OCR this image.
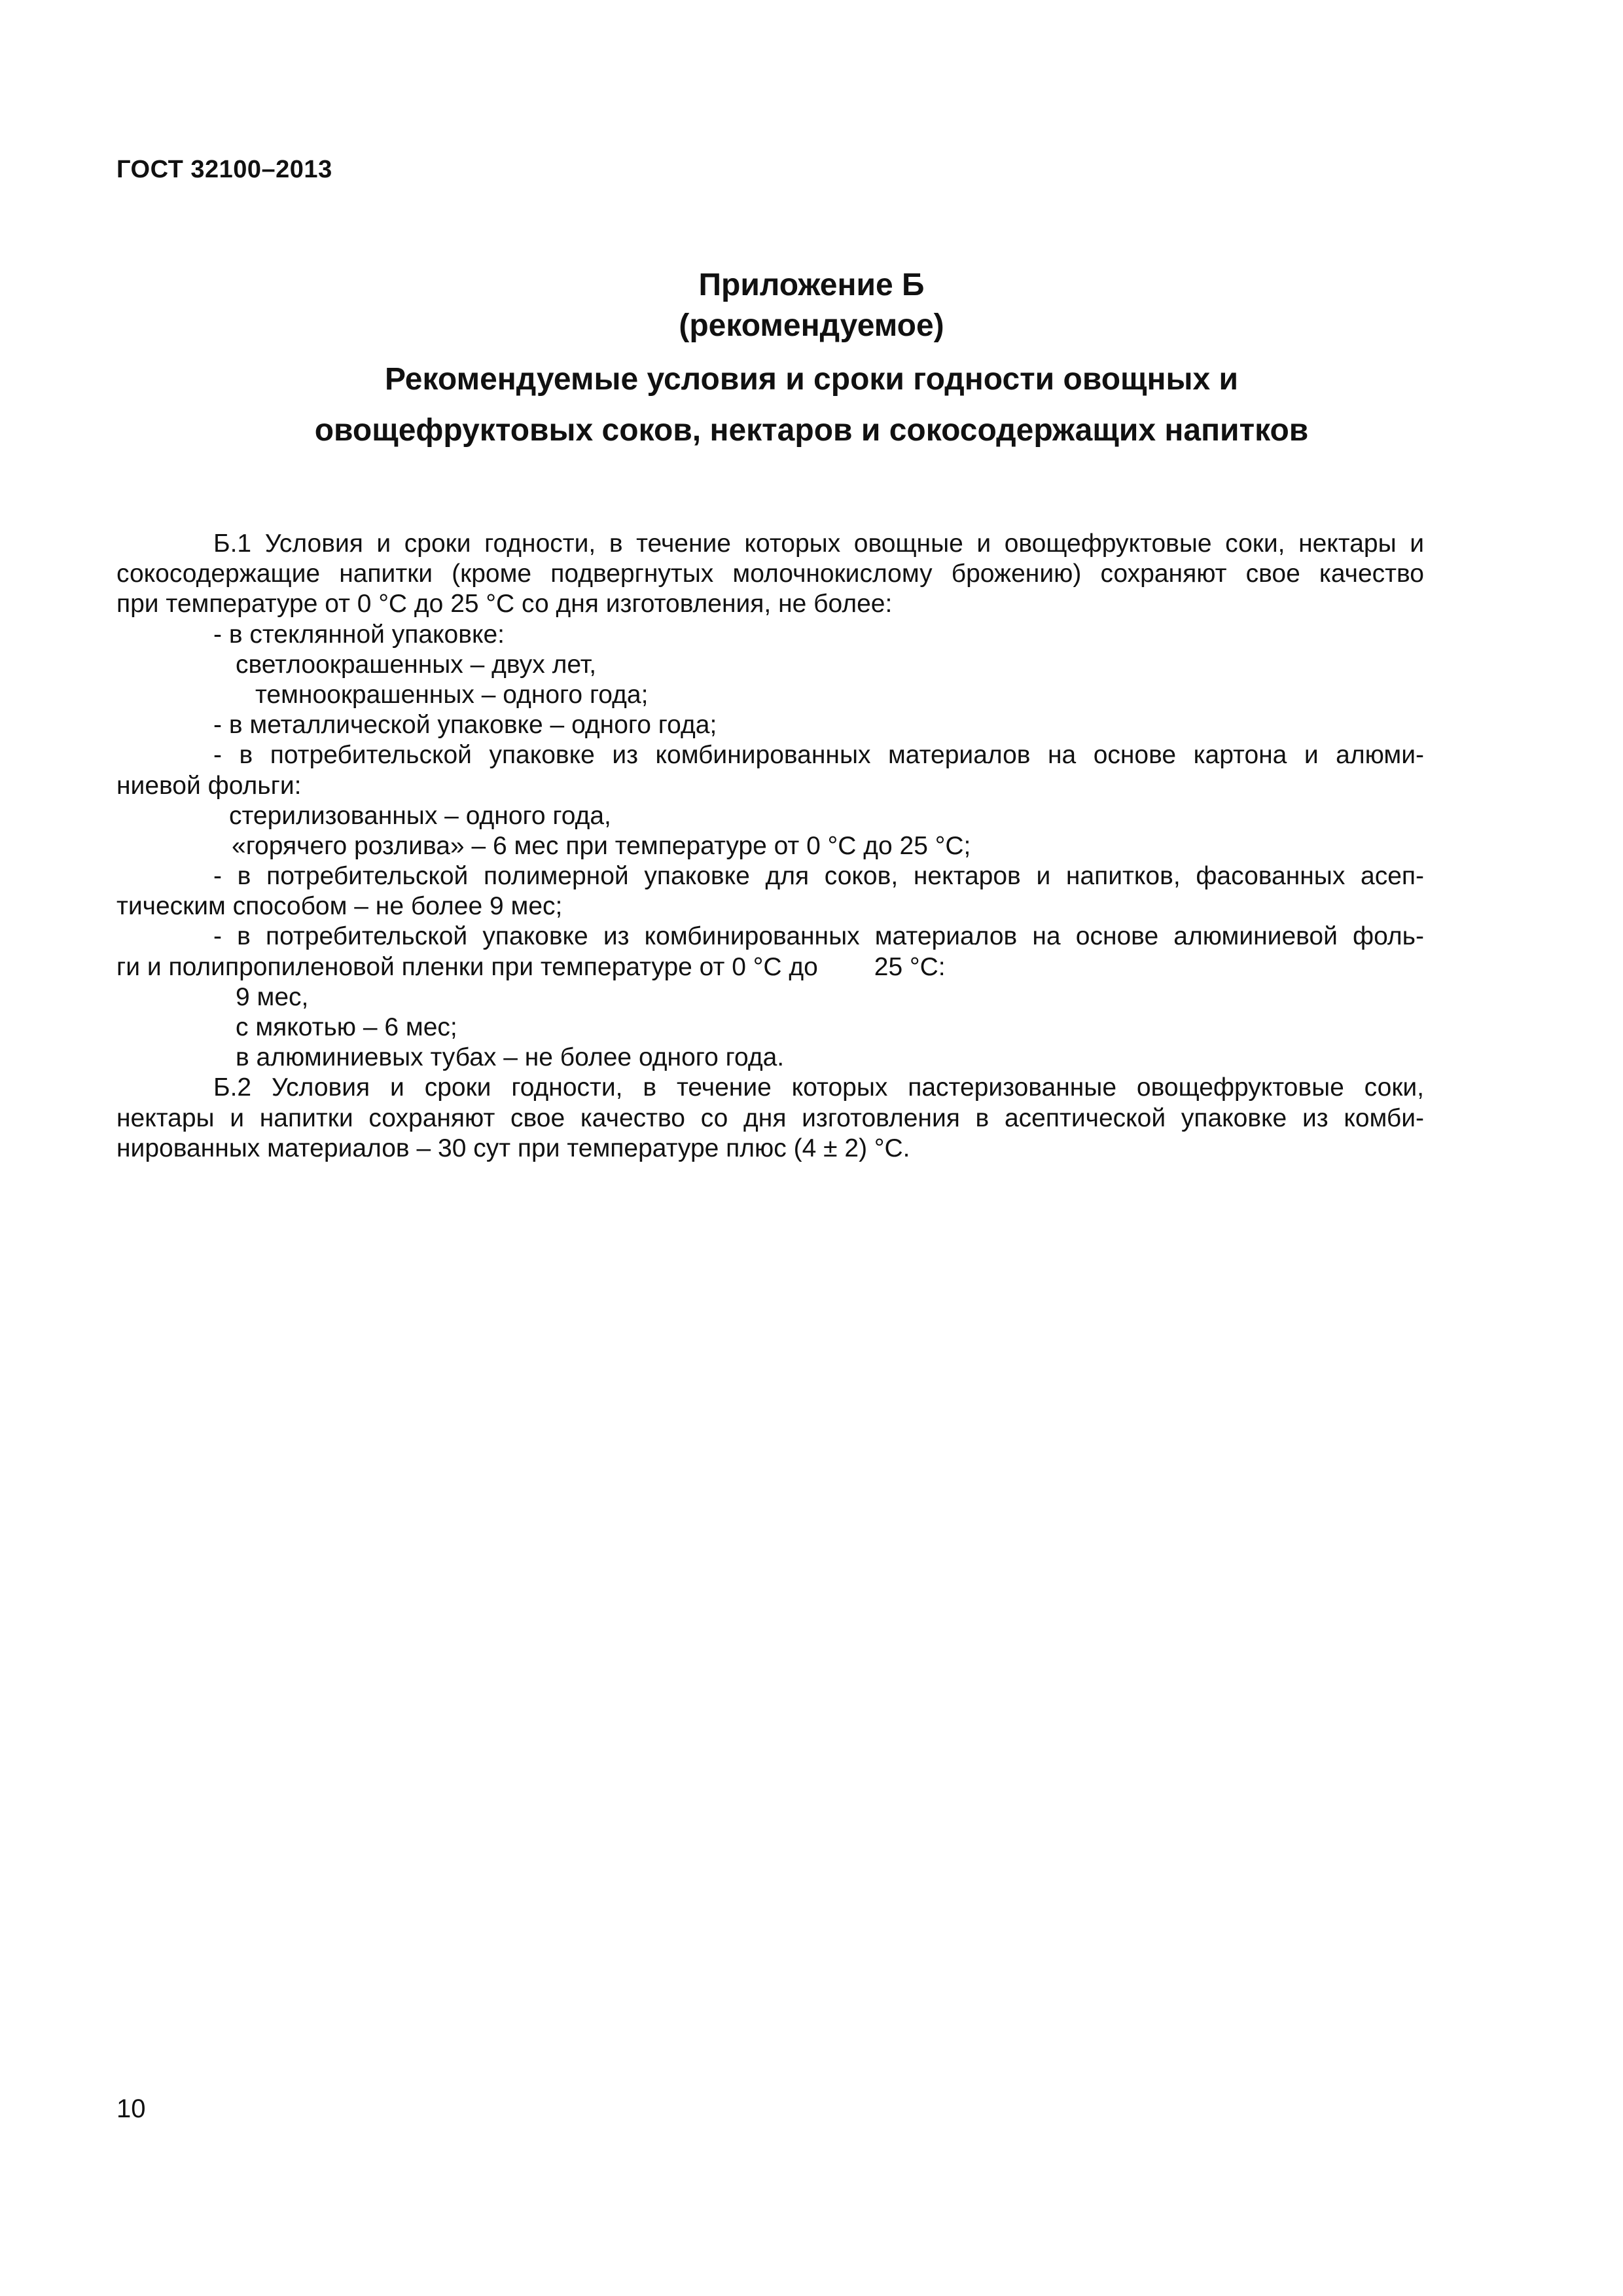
ГОСТ 32100–2013
Приложение Б
(рекомендуемое)
Рекомендуемые условия и сроки годности овощных и
овощефруктовых соков, нектаров и сокосодержащих напитков
Б.1 Условия и сроки годности, в течение которых овощные и овощефруктовые соки, нектары и
сокосодержащие напитки (кроме подвергнутых молочнокислому брожению) сохраняют свое качество
при температуре от 0 °С до 25 °С со дня изготовления, не более:
- в стеклянной упаковке:
светлоокрашенных – двух лет,
темноокрашенных – одного года;
- в металлической упаковке – одного года;
- в потребительской упаковке из комбинированных материалов на основе картона и алюми-
ниевой фольги:
стерилизованных – одного года,
«горячего розлива» – 6 мес при температуре от 0 °С до 25 °С;
- в потребительской полимерной упаковке для соков, нектаров и напитков, фасованных асеп-
тическим способом – не более 9 мес;
- в потребительской упаковке из комбинированных материалов на основе алюминиевой фоль-
ги и полипропиленовой пленки при температуре от 0 °С до 25 °С:
9 мес,
с мякотью – 6 мес;
в алюминиевых тубах – не более одного года.
Б.2 Условия и сроки годности, в течение которых пастеризованные овощефруктовые соки,
нектары и напитки сохраняют свое качество со дня изготовления в асептической упаковке из комби-
нированных материалов – 30 сут при температуре плюс (4 ± 2) °С.
10
